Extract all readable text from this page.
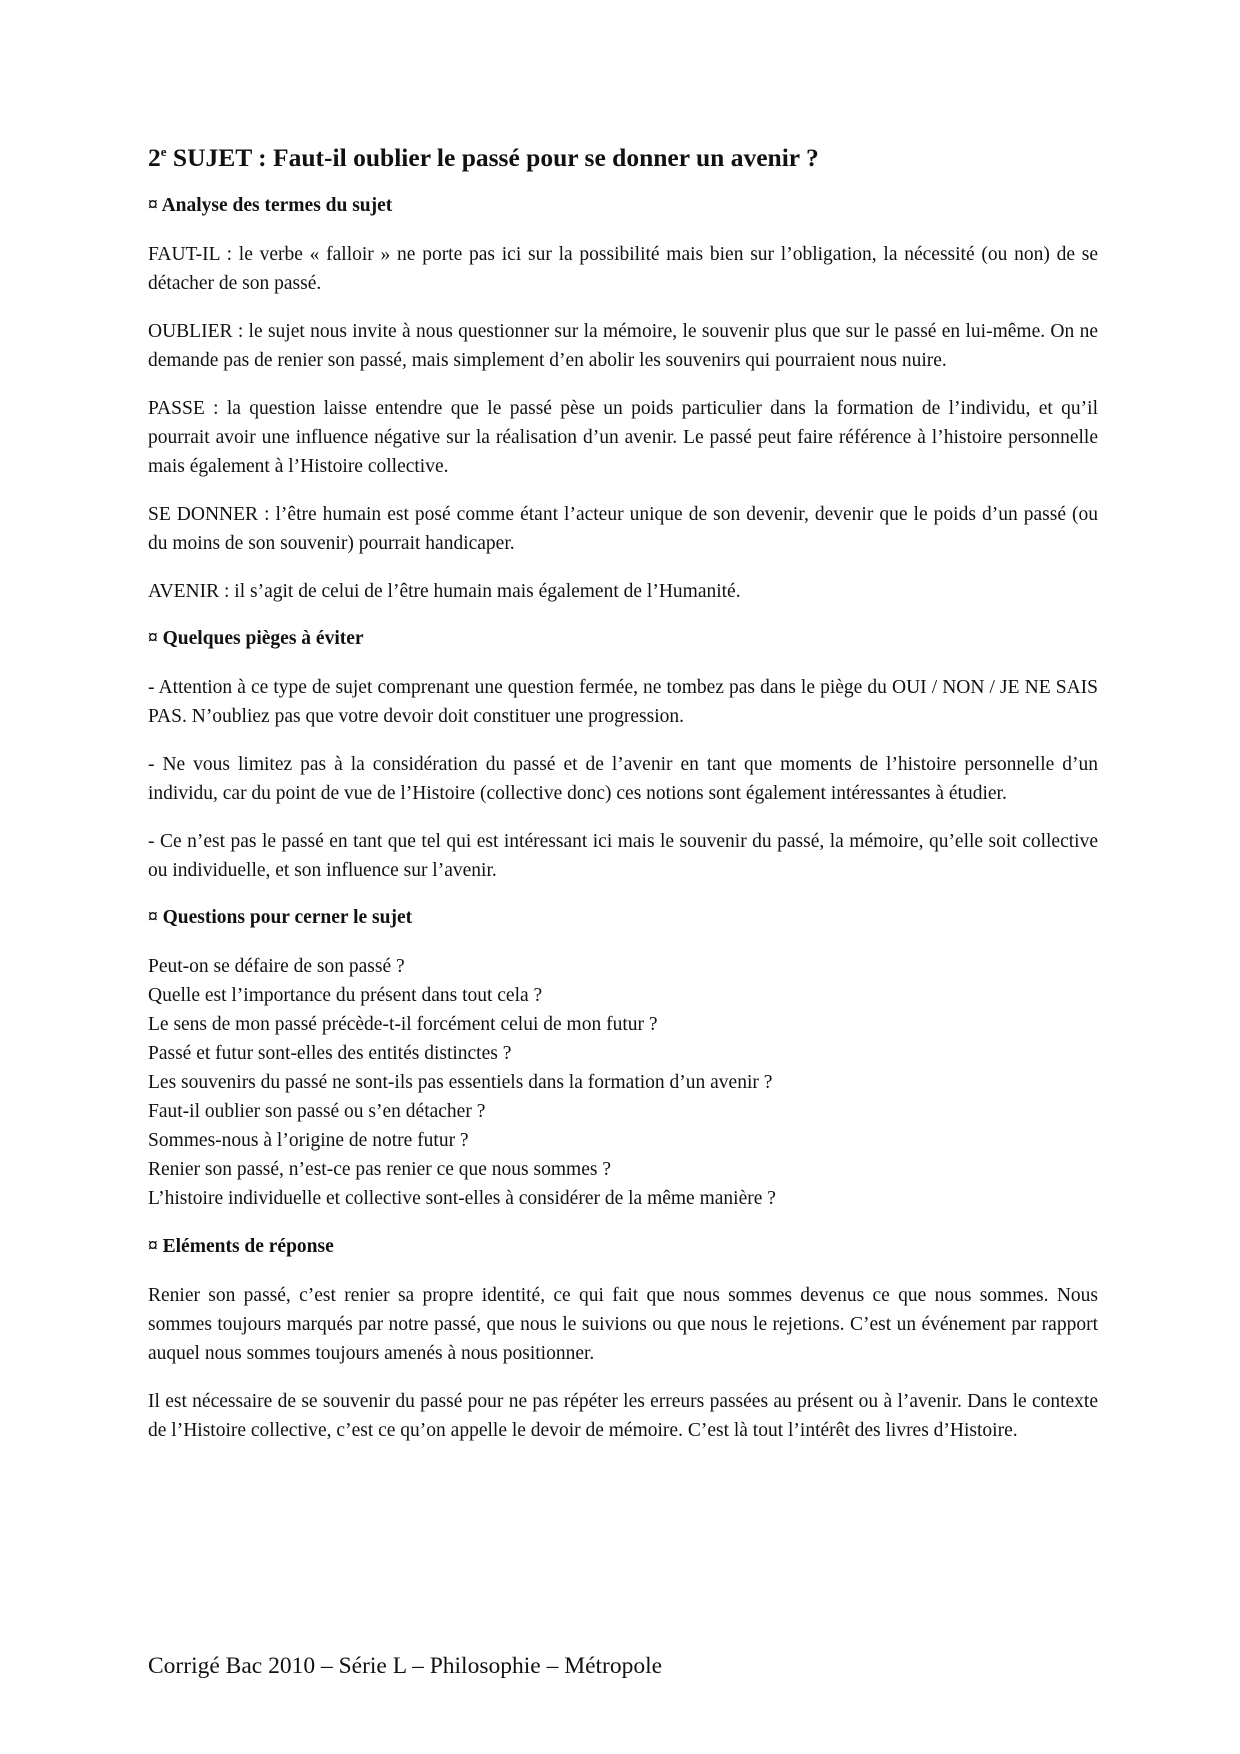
2e SUJET : Faut-il oublier le passé pour se donner un avenir ?
¤ Analyse des termes du sujet

FAUT-IL : le verbe « falloir » ne porte pas ici sur la possibilité mais bien sur l’obligation, la nécessité (ou non) de se détacher de son passé.

OUBLIER : le sujet nous invite à nous questionner sur la mémoire, le souvenir plus que sur le passé en lui-même. On ne demande pas de renier son passé, mais simplement d’en abolir les souvenirs qui pourraient nous nuire.

PASSE : la question laisse entendre que le passé pèse un poids particulier dans la formation de l’individu, et qu’il pourrait avoir une influence négative sur la réalisation d’un avenir. Le passé peut faire référence à l’histoire personnelle mais également à l’Histoire collective.

SE DONNER : l’être humain est posé comme étant l’acteur unique de son devenir, devenir que le poids d’un passé (ou du moins de son souvenir) pourrait handicaper.

AVENIR : il s’agit de celui de l’être humain mais également de l’Humanité.

¤ Quelques pièges à éviter

- Attention à ce type de sujet comprenant une question fermée, ne tombez pas dans le piège du OUI / NON / JE NE SAIS PAS. N’oubliez pas que votre devoir doit constituer une progression.

- Ne vous limitez pas à la considération du passé et de l’avenir en tant que moments de l’histoire personnelle d’un individu, car du point de vue de l’Histoire (collective donc) ces notions sont également intéressantes à étudier.

- Ce n’est pas le passé en tant que tel qui est intéressant ici mais le souvenir du passé, la mémoire, qu’elle soit collective ou individuelle, et son influence sur l’avenir.

¤ Questions pour cerner le sujet
Peut-on se défaire de son passé ?
Quelle est l’importance du présent dans tout cela ?
Le sens de mon passé précède-t-il forcément celui de mon futur ?
Passé et futur sont-elles des entités distinctes ?
Les souvenirs du passé ne sont-ils pas essentiels dans la formation d’un avenir ?
Faut-il oublier son passé ou s’en détacher ?
Sommes-nous à l’origine de notre futur ?
Renier son passé, n’est-ce pas renier ce que nous sommes ?
L’histoire individuelle et collective sont-elles à considérer de la même manière ?
¤ Eléments de réponse

Renier son passé, c’est renier sa propre identité, ce qui fait que nous sommes devenus ce que nous sommes. Nous sommes toujours marqués par notre passé, que nous le suivions ou que nous le rejetions. C’est un événement par rapport auquel nous sommes toujours amenés à nous positionner.

Il est nécessaire de se souvenir du passé pour ne pas répéter les erreurs passées au présent ou à l’avenir. Dans le contexte de l’Histoire collective, c’est ce qu’on appelle le devoir de mémoire. C’est là tout l’intérêt des livres d’Histoire.

Corrigé Bac 2010 – Série L – Philosophie – Métropole
